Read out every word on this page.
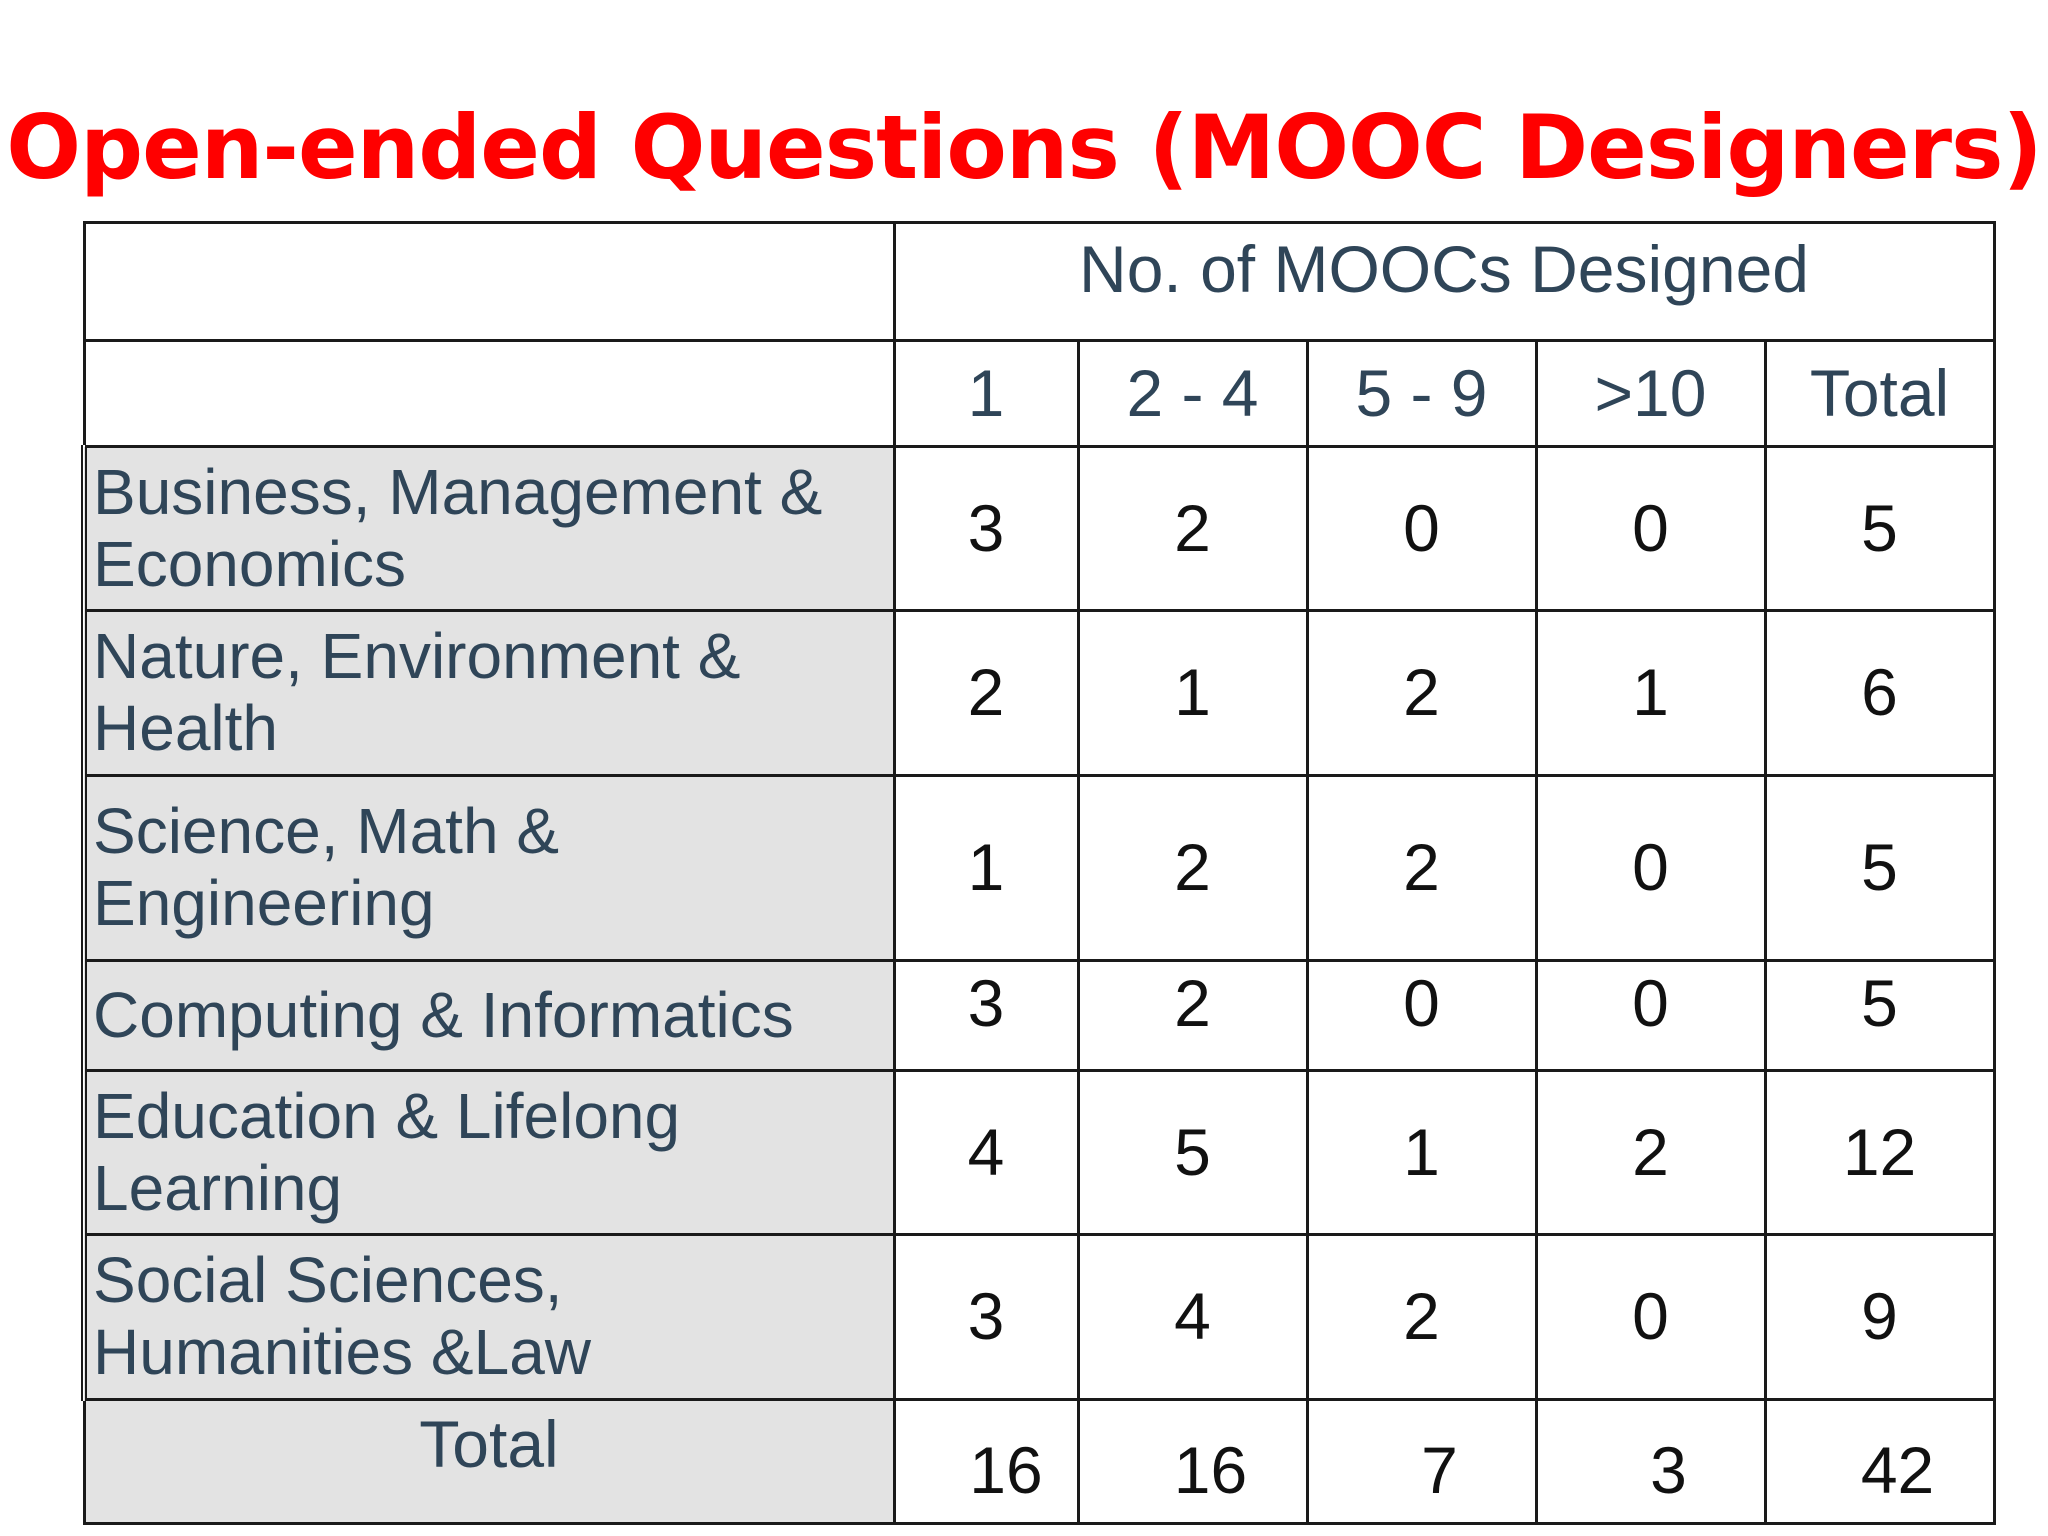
Open-ended Questions (MOOC Designers)
	No. of MOOCs Designed				
	1	2 - 4	5 - 9	>10	Total
Business, Management & Economics	3	2	0	0	5
Nature, Environment & Health	2	1	2	1	6
Science, Math & Engineering	1	2	2	0	5
Computing & Informatics	3	2	0	0	5
Education & Lifelong Learning	4	5	1	2	12
Social Sciences, Humanities &Law	3	4	2	0	9
Total	16	16	7	3	42
